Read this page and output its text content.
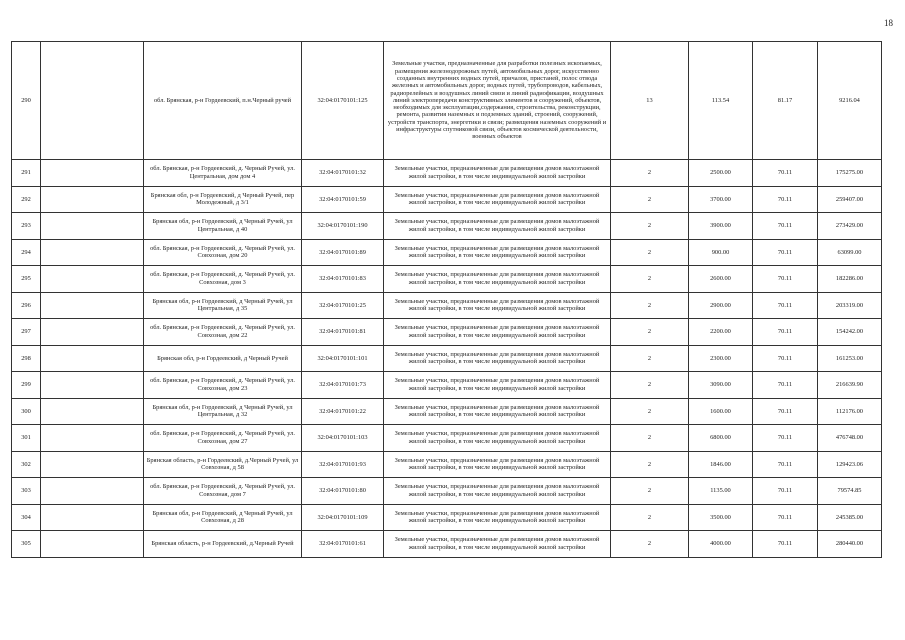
18
290		обл. Брянская, р-н Гордеевский, п.н.Черный ручей	32:04:0170101:125	Земельные участки, предназначенные для разработки полезных ископаемых, размещения железнодорожных путей, автомобильных дорог, искусственно созданных внутренних водных путей, причалов, пристаней, полос отвода железных и автомобильных дорог, водных путей, трубопроводов, кабельных, радиорелейных и воздушных линий связи и линий радиофикации, воздушных линий электропередачи конструктивных элементов и сооружений, объектов, необходимых для эксплуатации,содержания, строительства, реконструкции, ремонта, развития наземных и подземных зданий, строений, сооружений, устройств транспорта, энергетики и связи; размещения наземных сооружений и инфраструктуры спутниковой связи, объектов космической деятельности, военных объектов	13	113.54	81.17	9216.04
291		обл. Брянская, р-н Гордеевский, д. Черный Ручей, ул. Центральная, дом дом 4	32:04:0170101:32	Земельные участки, предназначенные для размещения домов малоэтажной жилой застройки, в том числе индивидуальной жилой застройки	2	2500.00	70.11	175275.00
292		Брянская обл, р-н Гордеевский, д Черный Ручей, пер Молодежный, д 3/1	32:04:0170101:59	Земельные участки, предназначенные для размещения домов малоэтажной жилой застройки, в том числе индивидуальной жилой застройки	2	3700.00	70.11	259407.00
293		Брянская обл, р-н Гордеевский, д Черный Ручей, ул Центральная, д 40	32:04:0170101:190	Земельные участки, предназначенные для размещения домов малоэтажной жилой застройки, в том числе индивидуальной жилой застройки	2	3900.00	70.11	273429.00
294		обл. Брянская, р-н Гордеевский, д. Черный Ручей, ул. Совхозная, дом 20	32:04:0170101:89	Земельные участки, предназначенные для размещения домов малоэтажной жилой застройки, в том числе индивидуальной жилой застройки	2	900.00	70.11	63099.00
295		обл. Брянская, р-н Гордеевский, д. Черный Ручей, ул. Совхозная, дом 3	32:04:0170101:83	Земельные участки, предназначенные для размещения домов малоэтажной жилой застройки, в том числе индивидуальной жилой застройки	2	2600.00	70.11	182286.00
296		Брянская обл, р-н Гордеевский, д Черный Ручей, ул Центральная, д 35	32:04:0170101:25	Земельные участки, предназначенные для размещения домов малоэтажной жилой застройки, в том числе индивидуальной жилой застройки	2	2900.00	70.11	203319.00
297		обл. Брянская, р-н Гордеевский, д. Черный Ручей, ул. Совхозная, дом 22	32:04:0170101:81	Земельные участки, предназначенные для размещения домов малоэтажной жилой застройки, в том числе индивидуальной жилой застройки	2	2200.00	70.11	154242.00
298		Брянская обл, р-н Гордеевский, д Черный Ручей	32:04:0170101:101	Земельные участки, предназначенные для размещения домов малоэтажной жилой застройки, в том числе индивидуальной жилой застройки	2	2300.00	70.11	161253.00
299		обл. Брянская, р-н Гордеевский, д. Черный Ручей, ул. Совхозная, дом 23	32:04:0170101:73	Земельные участки, предназначенные для размещения домов малоэтажной жилой застройки, в том числе индивидуальной жилой застройки	2	3090.00	70.11	216639.90
300		Брянская обл, р-н Гордеевский, д Черный Ручей, ул Центральная, д 32	32:04:0170101:22	Земельные участки, предназначенные для размещения домов малоэтажной жилой застройки, в том числе индивидуальной жилой застройки	2	1600.00	70.11	112176.00
301		обл. Брянская, р-н Гордеевский, д. Черный Ручей, ул. Совхозная, дом 27	32:04:0170101:103	Земельные участки, предназначенные для размещения домов малоэтажной жилой застройки, в том числе индивидуальной жилой застройки	2	6800.00	70.11	476748.00
302		Брянская область, р-н Гордеевский, д.Черный Ручей, ул Совхозная, д 58	32:04:0170101:93	Земельные участки, предназначенные для размещения домов малоэтажной жилой застройки, в том числе индивидуальной жилой застройки	2	1846.00	70.11	129423.06
303		обл. Брянская, р-н Гордеевский, д. Черный Ручей, ул. Совхозная, дом 7	32:04:0170101:80	Земельные участки, предназначенные для размещения домов малоэтажной жилой застройки, в том числе индивидуальной жилой застройки	2	1135.00	70.11	79574.85
304		Брянская обл, р-н Гордеевский, д Черный Ручей, ул Совхозная, д 28	32:04:0170101:109	Земельные участки, предназначенные для размещения домов малоэтажной жилой застройки, в том числе индивидуальной жилой застройки	2	3500.00	70.11	245385.00
305		Брянская область, р-н Гордеевский, д.Черный Ручей	32:04:0170101:61	Земельные участки, предназначенные для размещения домов малоэтажной жилой застройки, в том числе индивидуальной жилой застройки	2	4000.00	70.11	280440.00
